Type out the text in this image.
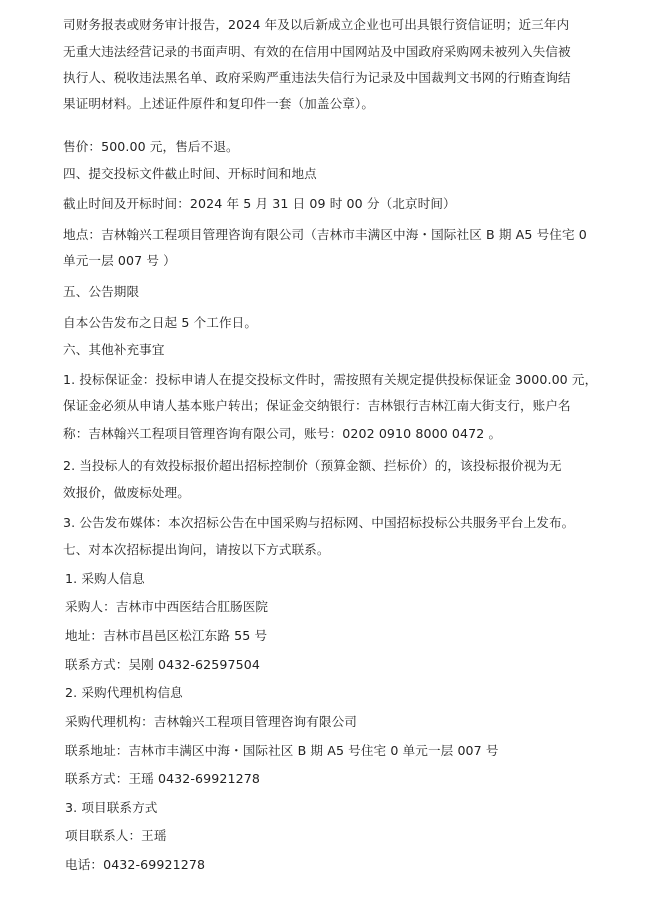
司财务报表或财务审计报告，2024 年及以后新成立企业也可出具银行资信证明；近三年内
无重大违法经营记录的书面声明、有效的在信用中国网站及中国政府采购网未被列入失信被
执行人、税收违法黑名单、政府采购严重违法失信行为记录及中国裁判文书网的行贿查询结
果证明材料。上述证件原件和复印件一套（加盖公章）。
售价：500.00 元，售后不退。
四、提交投标文件截止时间、开标时间和地点
截止时间及开标时间：2024 年 5 月 31 日 09 时 00 分（北京时间）
地点：吉林翰兴工程项目管理咨询有限公司（吉林市丰满区中海・国际社区 B 期 A5 号住宅 0
单元一层 007 号 ）
五、公告期限
自本公告发布之日起 5 个工作日。
六、其他补充事宜
1. 投标保证金：投标申请人在提交投标文件时，需按照有关规定提供投标保证金 3000.00 元，
保证金必须从申请人基本账户转出；保证金交纳银行：吉林银行吉林江南大街支行，账户名
称：吉林翰兴工程项目管理咨询有限公司，账号：0202 0910 8000 0472 。
2. 当投标人的有效投标报价超出招标控制价（预算金额、拦标价）的，该投标报价视为无
效报价，做废标处理。
3. 公告发布媒体：本次招标公告在中国采购与招标网、中国招标投标公共服务平台上发布。
七、对本次招标提出询问，请按以下方式联系。
1. 采购人信息
采购人：吉林市中西医结合肛肠医院
地址：吉林市昌邑区松江东路 55 号
联系方式：吴刚 0432-62597504
2. 采购代理机构信息
采购代理机构：吉林翰兴工程项目管理咨询有限公司
联系地址：吉林市丰满区中海・国际社区 B 期 A5 号住宅 0 单元一层 007 号
联系方式：王瑶 0432-69921278
3. 项目联系方式
项目联系人：王瑶
电话：0432-69921278
